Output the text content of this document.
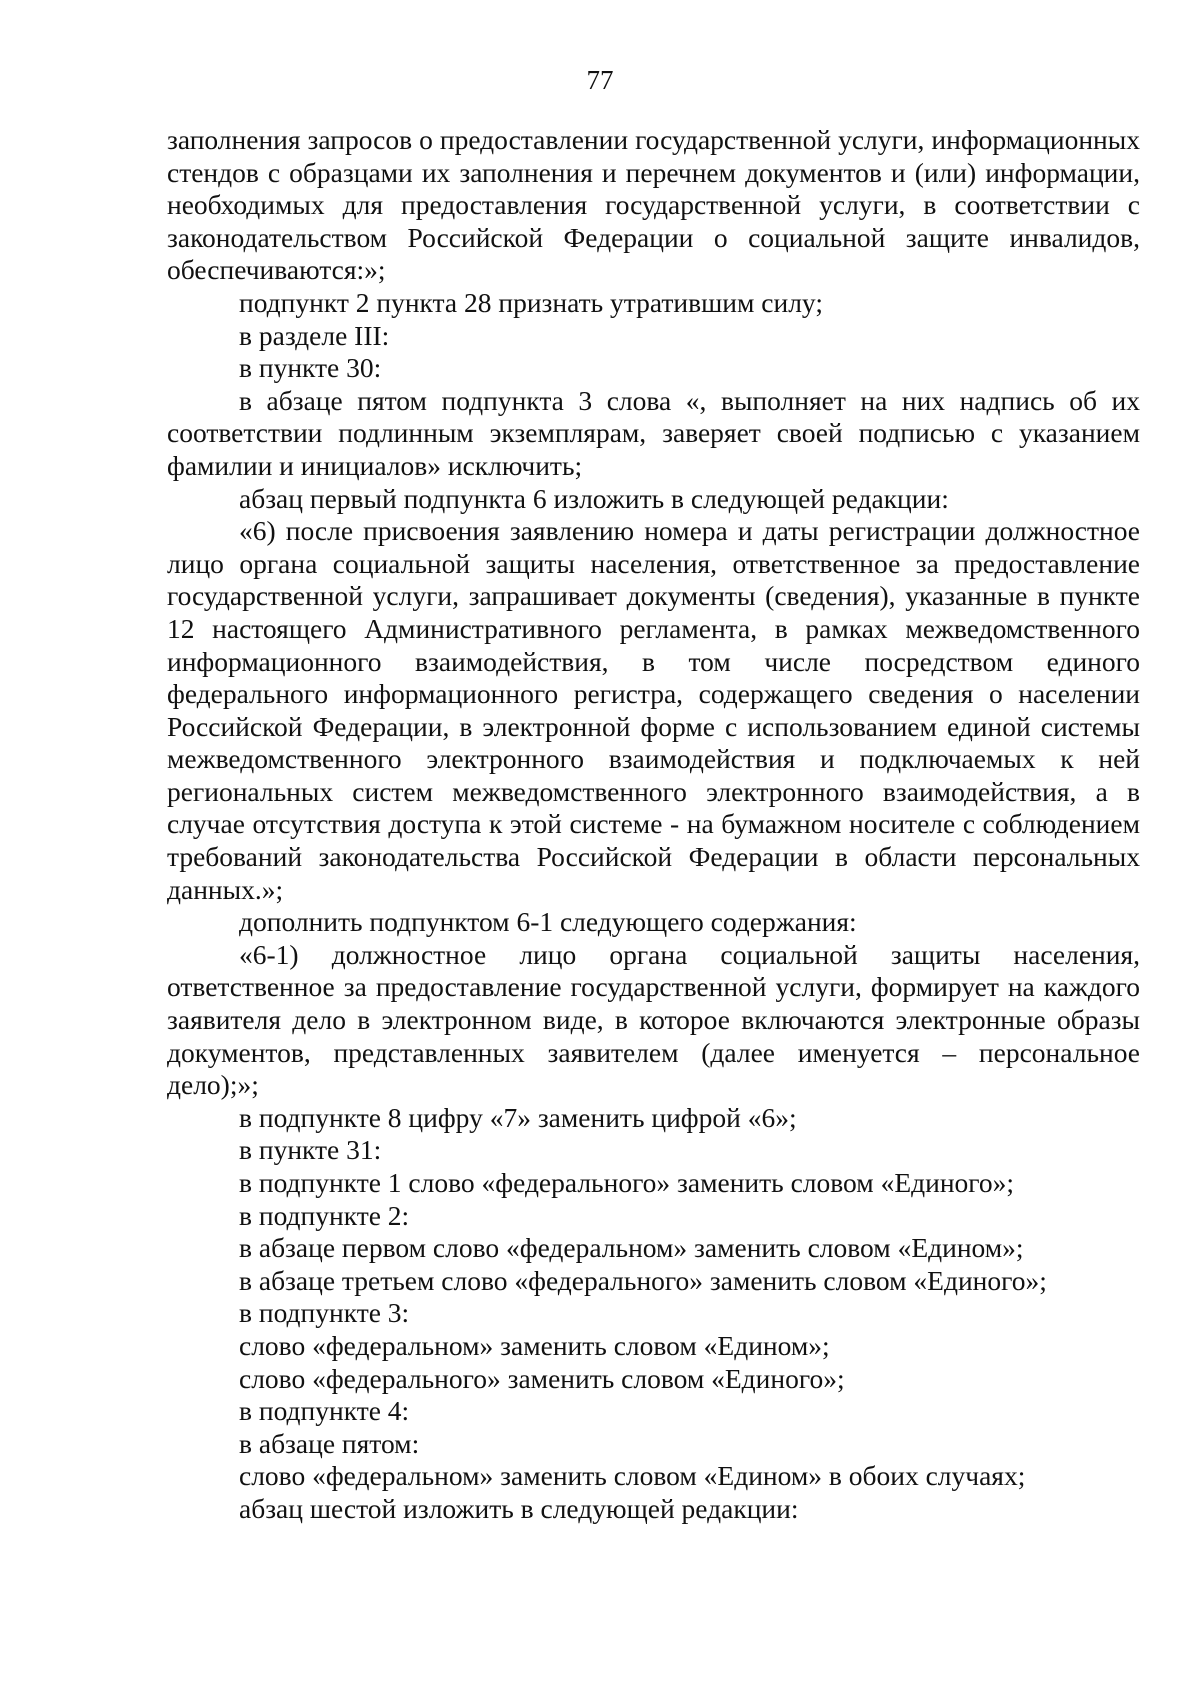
77

заполнения запросов о предоставлении государственной услуги, информационных стендов с образцами их заполнения и перечнем документов и (или) информации, необходимых для предоставления государственной услуги, в соответствии с законодательством Российской Федерации о социальной защите инвалидов, обеспечиваются:»;

подпункт 2 пункта 28 признать утратившим силу;

в разделе III:

в пункте 30:

в абзаце пятом подпункта 3 слова «, выполняет на них надпись об их соответствии подлинным экземплярам, заверяет своей подписью с указанием фамилии и инициалов» исключить;

абзац первый подпункта 6 изложить в следующей редакции:

«6) после присвоения заявлению номера и даты регистрации должностное лицо органа социальной защиты населения, ответственное за предоставление государственной услуги, запрашивает документы (сведения), указанные в пункте 12 настоящего Административного регламента, в рамках межведомственного информационного взаимодействия, в том числе посредством единого федерального информационного регистра, содержащего сведения о населении Российской Федерации, в электронной форме с использованием единой системы межведомственного электронного взаимодействия и подключаемых к ней региональных систем межведомственного электронного взаимодействия, а в случае отсутствия доступа к этой системе - на бумажном носителе с соблюдением требований законодательства Российской Федерации в области персональных данных.»;

дополнить подпунктом 6-1 следующего содержания:

«6-1) должностное лицо органа социальной защиты населения, ответственное за предоставление государственной услуги, формирует на каждого заявителя дело в электронном виде, в которое включаются электронные образы документов, представленных заявителем (далее именуется – персональное дело);»;

в подпункте 8 цифру «7» заменить цифрой «6»;

в пункте 31:

в подпункте 1 слово «федерального» заменить словом «Единого»;

в подпункте 2:

в абзаце первом слово «федеральном» заменить словом «Едином»;

в абзаце третьем слово «федерального» заменить словом «Единого»;

в подпункте 3:

слово «федеральном» заменить словом «Едином»;

слово «федерального» заменить словом «Единого»;

в подпункте 4:

в абзаце пятом:

слово «федеральном» заменить словом «Едином» в обоих случаях;

абзац шестой изложить в следующей редакции:
